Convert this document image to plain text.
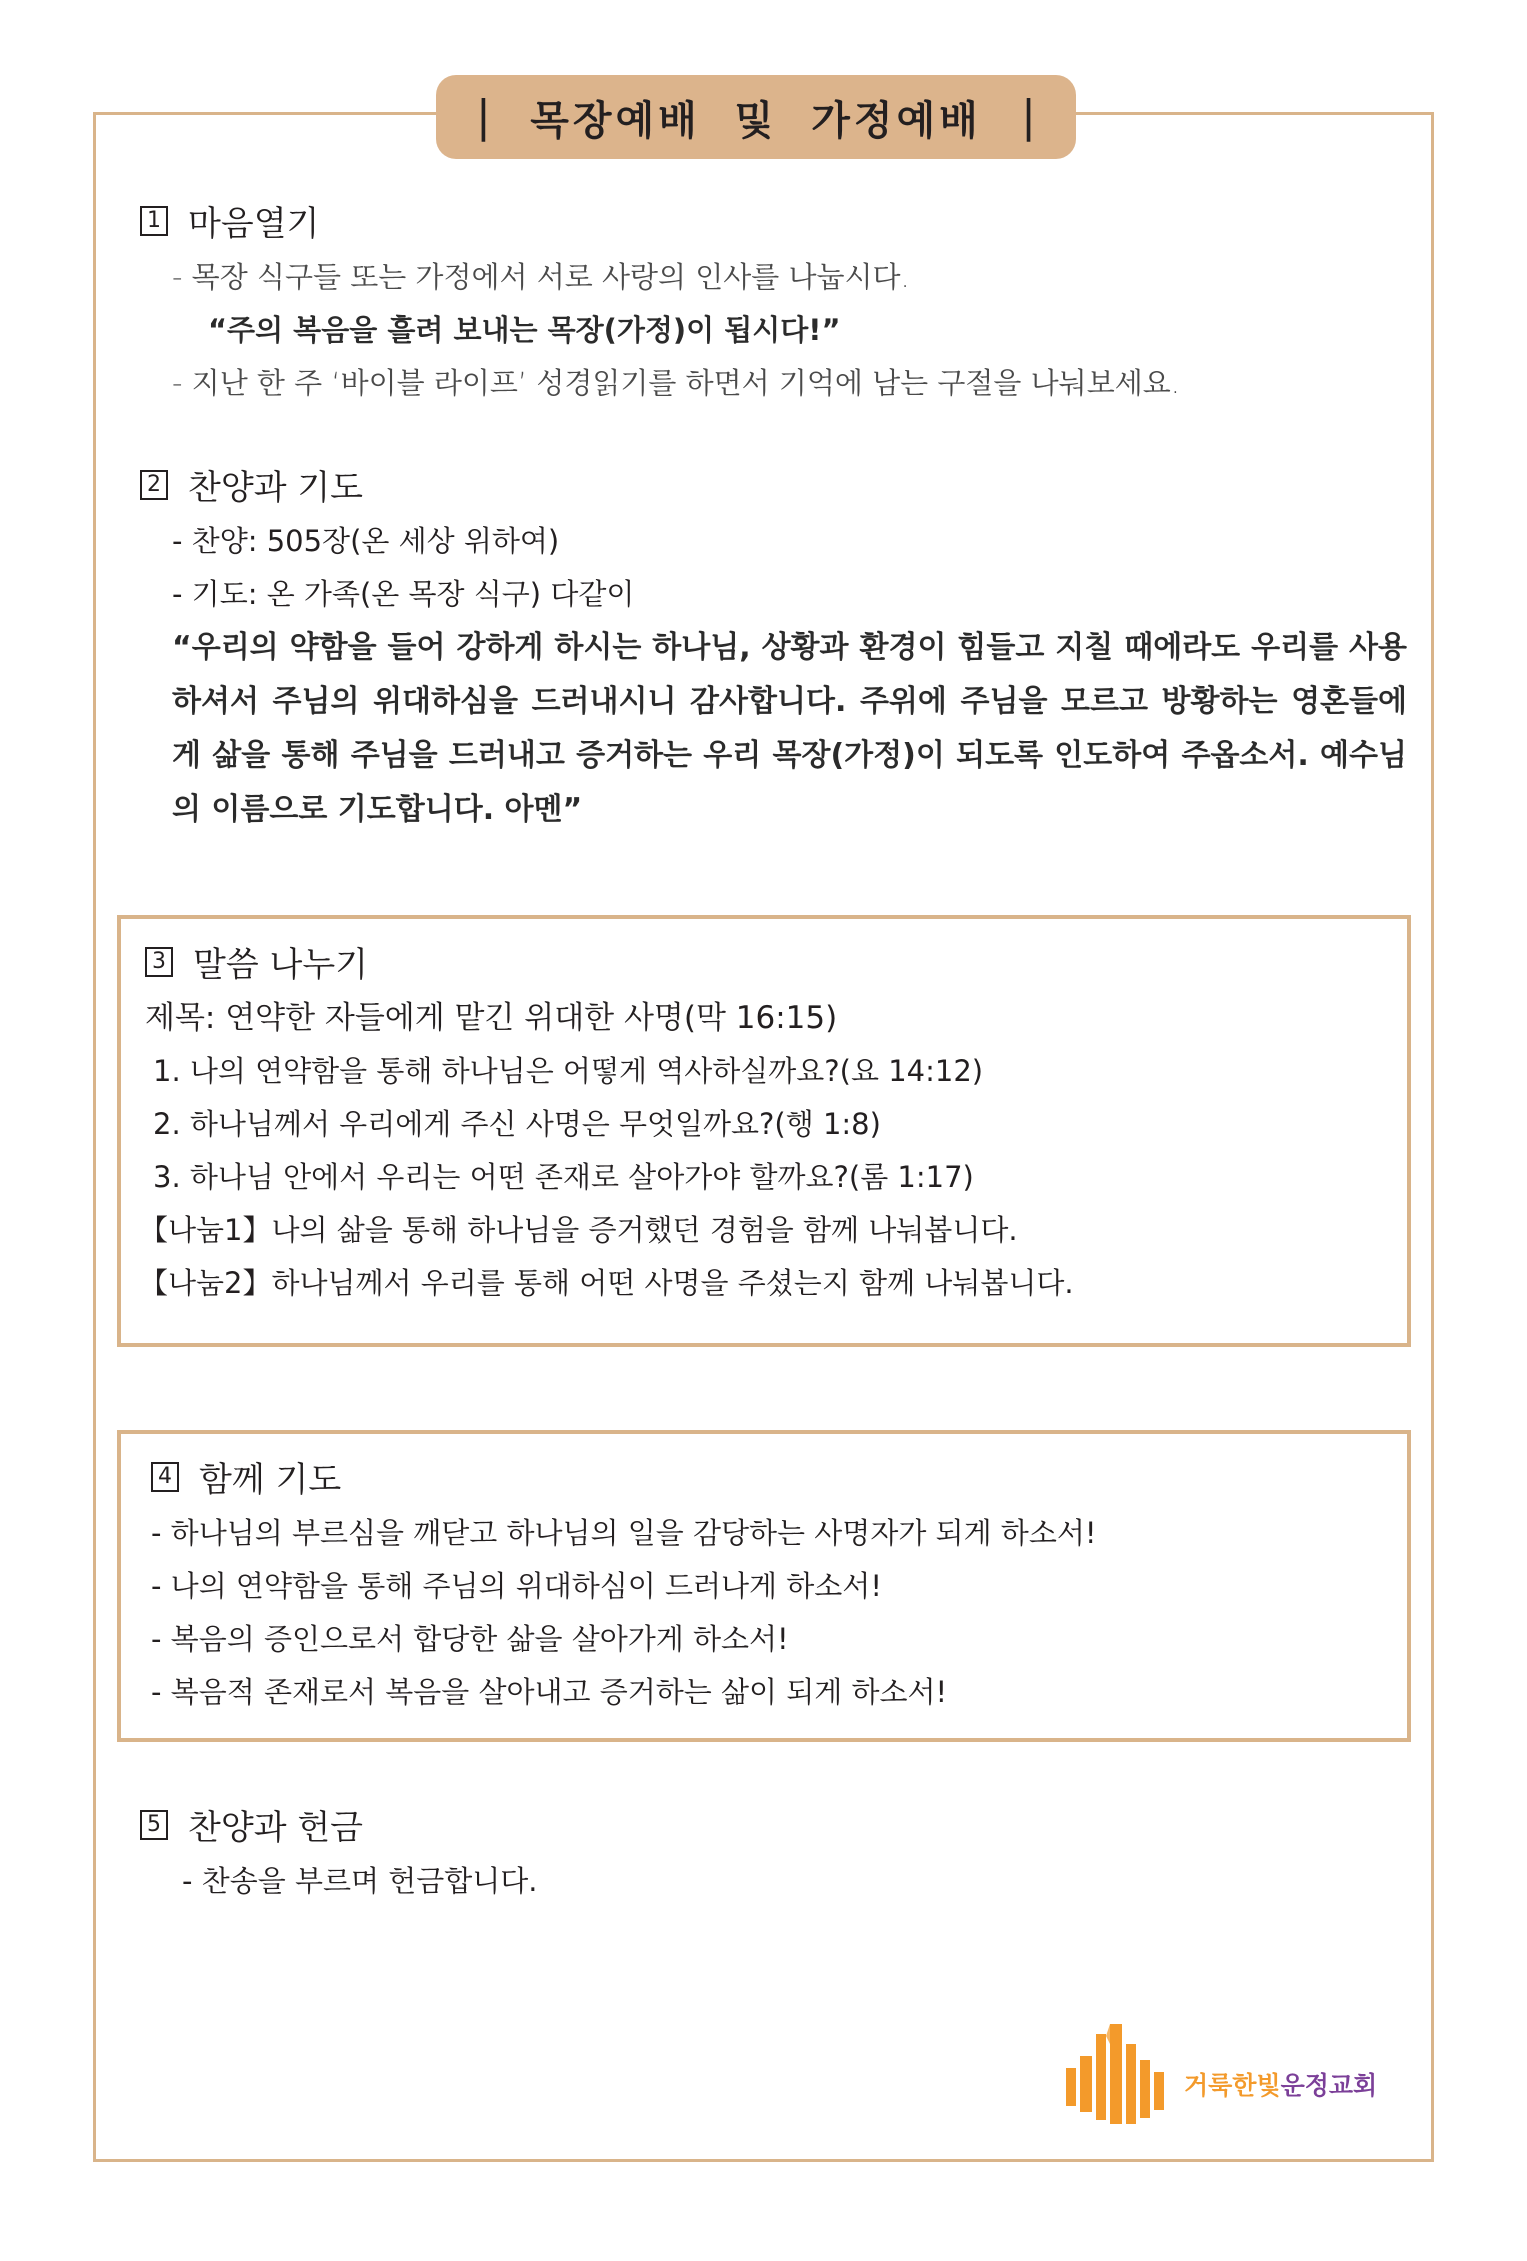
| 목장예배 및 가정예배 |
1 마음열기
- 목장 식구들 또는 가정에서 서로 사랑의 인사를 나눕시다.
“주의 복음을 흘려 보내는 목장(가정)이 됩시다!”
- 지난 한 주 ‘바이블 라이프’ 성경읽기를 하면서 기억에 남는 구절을 나눠보세요.
2 찬양과 기도
- 찬양: 505장(온 세상 위하여)
- 기도: 온 가족(온 목장 식구) 다같이
“우리의 약함을 들어 강하게 하시는 하나님, 상황과 환경이 힘들고 지칠 때에라도 우리를 사용하셔서 주님의 위대하심을 드러내시니 감사합니다. 주위에 주님을 모르고 방황하는 영혼들에게 삶을 통해 주님을 드러내고 증거하는 우리 목장(가정)이 되도록 인도하여 주옵소서. 예수님의 이름으로 기도합니다. 아멘”
3 말씀 나누기
제목: 연약한 자들에게 맡긴 위대한 사명(막 16:15)
1. 나의 연약함을 통해 하나님은 어떻게 역사하실까요?(요 14:12)
2. 하나님께서 우리에게 주신 사명은 무엇일까요?(행 1:8)
3. 하나님 안에서 우리는 어떤 존재로 살아가야 할까요?(롬 1:17)
【나눔1】나의 삶을 통해 하나님을 증거했던 경험을 함께 나눠봅니다.
【나눔2】하나님께서 우리를 통해 어떤 사명을 주셨는지 함께 나눠봅니다.
4 함께 기도
- 하나님의 부르심을 깨닫고 하나님의 일을 감당하는 사명자가 되게 하소서!
- 나의 연약함을 통해 주님의 위대하심이 드러나게 하소서!
- 복음의 증인으로서 합당한 삶을 살아가게 하소서!
- 복음적 존재로서 복음을 살아내고 증거하는 삶이 되게 하소서!
5 찬양과 헌금
- 찬송을 부르며 헌금합니다.
거룩한빛운정교회
